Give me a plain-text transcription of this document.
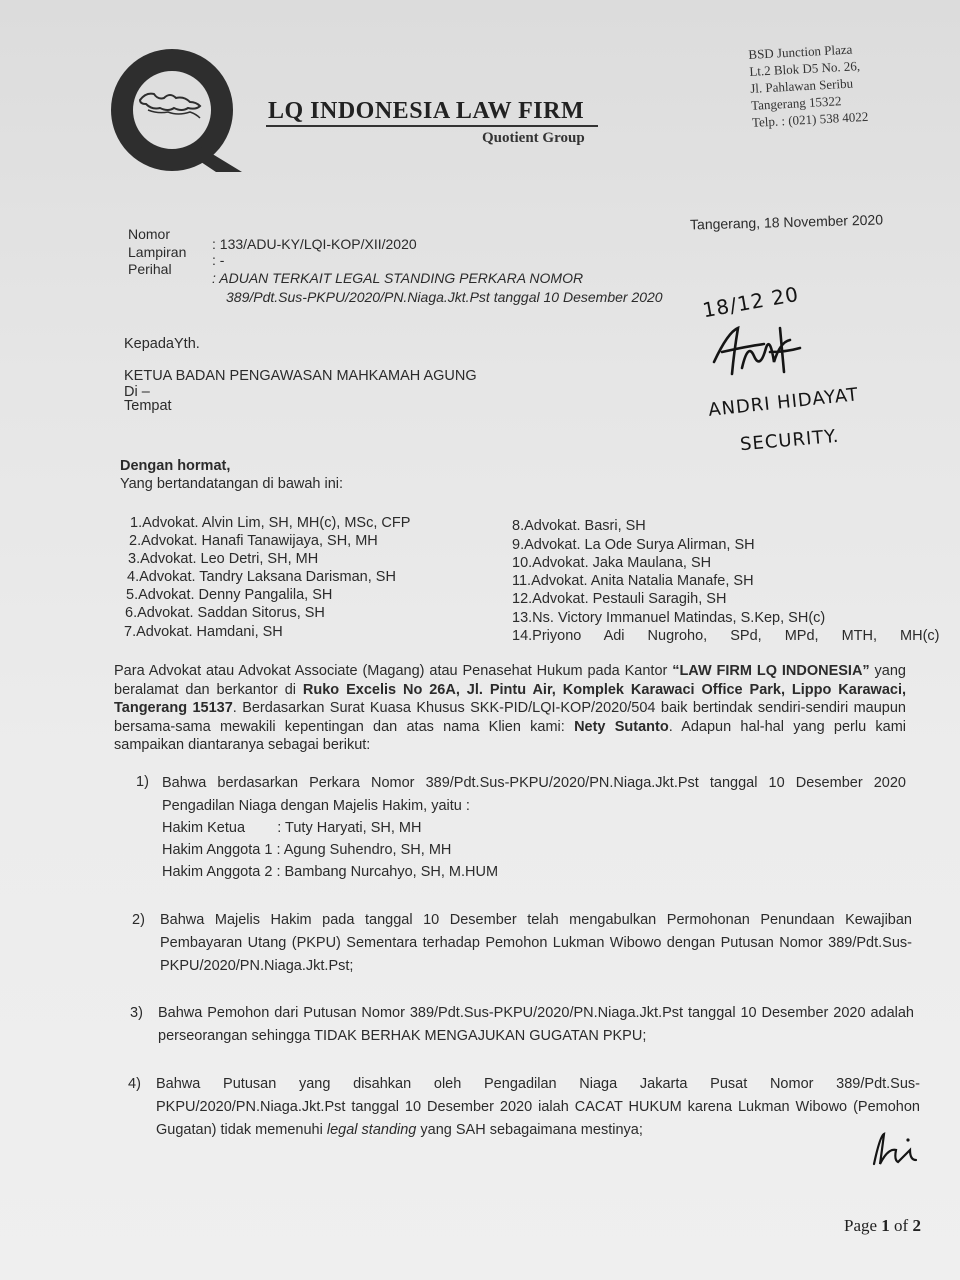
LQ INDONESIA LAW FIRM
Quotient Group
BSD Junction Plaza
Lt.2 Blok D5 No. 26,
Jl. Pahlawan Seribu
Tangerang 15322
Telp. : (021) 538 4022
Nomor
Lampiran
Perihal
: 133/ADU-KY/LQI-KOP/XII/2020
: -
: ADUAN TERKAIT LEGAL STANDING PERKARA NOMOR
389/Pdt.Sus-PKPU/2020/PN.Niaga.Jkt.Pst tanggal 10 Desember 2020
Tangerang, 18 November 2020
KepadaYth.
KETUA BADAN PENGAWASAN MAHKAMAH AGUNG
Di –
Tempat
18/12 20
ANDRI HIDAYAT
SECURITY.
Dengan hormat,
Yang bertandatangan di bawah ini:
1.Advokat. Alvin Lim, SH, MH(c), MSc, CFP
2.Advokat. Hanafi Tanawijaya, SH, MH
3.Advokat. Leo Detri, SH, MH
4.Advokat. Tandry Laksana Darisman, SH
5.Advokat. Denny Pangalila, SH
6.Advokat. Saddan Sitorus, SH
7.Advokat. Hamdani, SH
8.Advokat. Basri, SH
9.Advokat. La Ode Surya Alirman, SH
10.Advokat. Jaka Maulana, SH
11.Advokat. Anita Natalia Manafe, SH
12.Advokat. Pestauli Saragih, SH
13.Ns. Victory Immanuel Matindas, S.Kep, SH(c)
14.Priyono Adi Nugroho, SPd, MPd, MTH, MH(c)
Para Advokat atau Advokat Associate (Magang) atau Penasehat Hukum pada Kantor “LAW FIRM LQ INDONESIA” yang beralamat dan berkantor di Ruko Excelis No 26A, Jl. Pintu Air, Komplek Karawaci Office Park, Lippo Karawaci, Tangerang 15137. Berdasarkan Surat Kuasa Khusus SKK-PID/LQI-KOP/2020/504 baik bertindak sendiri-sendiri maupun bersama-sama mewakili kepentingan dan atas nama Klien kami: Nety Sutanto. Adapun hal-hal yang perlu kami sampaikan diantaranya sebagai berikut:
1) Bahwa berdasarkan Perkara Nomor 389/Pdt.Sus-PKPU/2020/PN.Niaga.Jkt.Pst tanggal 10 Desember 2020 Pengadilan Niaga dengan Majelis Hakim, yaitu :
Hakim Ketua        : Tuty Haryati, SH, MH
Hakim Anggota 1 : Agung Suhendro, SH, MH
Hakim Anggota 2 : Bambang Nurcahyo, SH, M.HUM
2) Bahwa Majelis Hakim pada tanggal 10 Desember telah mengabulkan Permohonan Penundaan Kewajiban Pembayaran Utang (PKPU) Sementara terhadap Pemohon Lukman Wibowo dengan Putusan Nomor 389/Pdt.Sus-PKPU/2020/PN.Niaga.Jkt.Pst;
3) Bahwa Pemohon dari Putusan Nomor 389/Pdt.Sus-PKPU/2020/PN.Niaga.Jkt.Pst tanggal 10 Desember 2020 adalah perseorangan sehingga TIDAK BERHAK MENGAJUKAN GUGATAN PKPU;
4) Bahwa Putusan yang disahkan oleh Pengadilan Niaga Jakarta Pusat Nomor 389/Pdt.Sus-PKPU/2020/PN.Niaga.Jkt.Pst tanggal 10 Desember 2020 ialah CACAT HUKUM karena Lukman Wibowo (Pemohon Gugatan) tidak memenuhi legal standing yang SAH sebagaimana mestinya;
Page 1 of 2
